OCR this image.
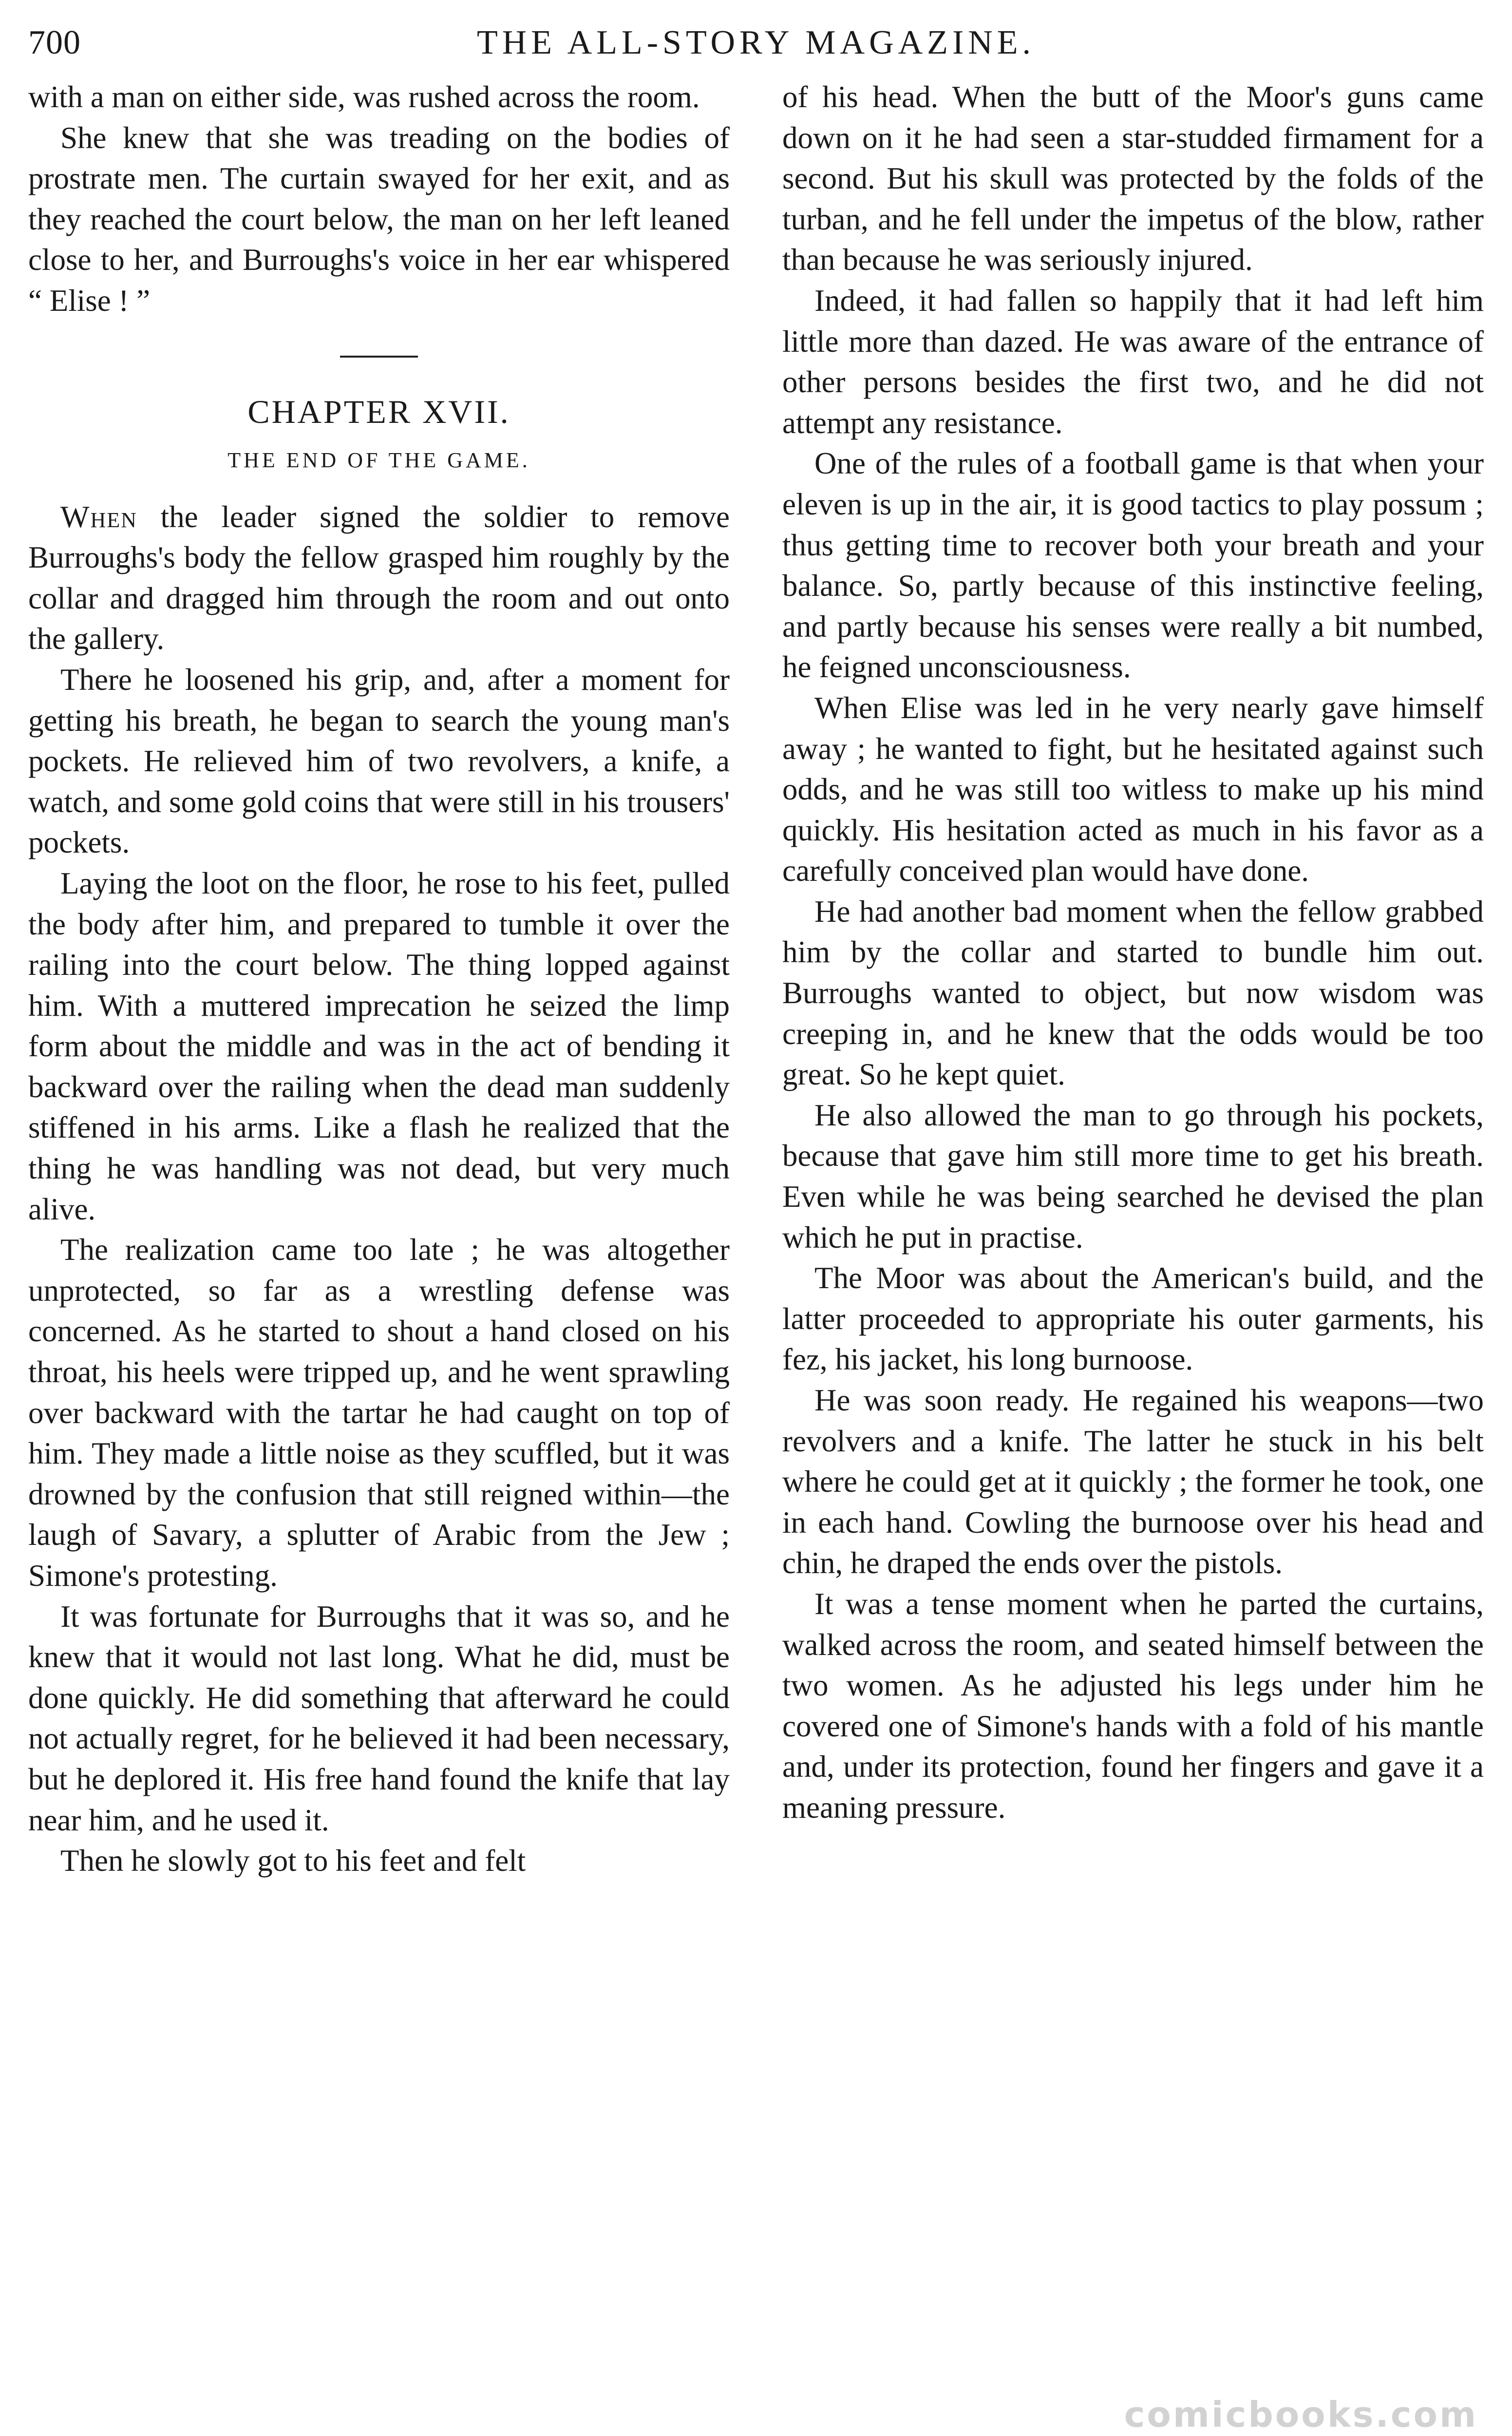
700	THE ALL-STORY MAGAZINE.

with a man on either side, was rushed across the room.

She knew that she was treading on the bodies of prostrate men. The curtain swayed for her exit, and as they reached the court below, the man on her left leaned close to her, and Burroughs's voice in her ear whispered “ Elise ! ”

CHAPTER XVII.
THE END OF THE GAME.

When the leader signed the soldier to remove Burroughs's body the fellow grasped him roughly by the collar and dragged him through the room and out onto the gallery.

There he loosened his grip, and, after a moment for getting his breath, he began to search the young man's pockets. He relieved him of two revolvers, a knife, a watch, and some gold coins that were still in his trousers' pockets.

Laying the loot on the floor, he rose to his feet, pulled the body after him, and prepared to tumble it over the railing into the court below. The thing lopped against him. With a muttered imprecation he seized the limp form about the middle and was in the act of bending it backward over the railing when the dead man suddenly stiffened in his arms. Like a flash he realized that the thing he was handling was not dead, but very much alive.

The realization came too late ; he was altogether unprotected, so far as a wrestling defense was concerned. As he started to shout a hand closed on his throat, his heels were tripped up, and he went sprawling over backward with the tartar he had caught on top of him. They made a little noise as they scuffled, but it was drowned by the confusion that still reigned within—the laugh of Savary, a splutter of Arabic from the Jew ; Simone's protesting.

It was fortunate for Burroughs that it was so, and he knew that it would not last long. What he did, must be done quickly. He did something that afterward he could not actually regret, for he believed it had been necessary, but he deplored it. His free hand found the knife that lay near him, and he used it.

Then he slowly got to his feet and felt

of his head. When the butt of the Moor's guns came down on it he had seen a star-studded firmament for a second. But his skull was protected by the folds of the turban, and he fell under the impetus of the blow, rather than because he was seriously injured.

Indeed, it had fallen so happily that it had left him little more than dazed. He was aware of the entrance of other persons besides the first two, and he did not attempt any resistance.

One of the rules of a football game is that when your eleven is up in the air, it is good tactics to play possum ; thus getting time to recover both your breath and your balance. So, partly because of this instinctive feeling, and partly because his senses were really a bit numbed, he feigned unconsciousness.

When Elise was led in he very nearly gave himself away ; he wanted to fight, but he hesitated against such odds, and he was still too witless to make up his mind quickly. His hesitation acted as much in his favor as a carefully conceived plan would have done.

He had another bad moment when the fellow grabbed him by the collar and started to bundle him out. Burroughs wanted to object, but now wisdom was creeping in, and he knew that the odds would be too great. So he kept quiet.

He also allowed the man to go through his pockets, because that gave him still more time to get his breath. Even while he was being searched he devised the plan which he put in practise.

The Moor was about the American's build, and the latter proceeded to appropriate his outer garments, his fez, his jacket, his long burnoose.

He was soon ready. He regained his weapons—two revolvers and a knife. The latter he stuck in his belt where he could get at it quickly ; the former he took, one in each hand. Cowling the burnoose over his head and chin, he draped the ends over the pistols.

It was a tense moment when he parted the curtains, walked across the room, and seated himself between the two women. As he adjusted his legs under him he covered one of Simone's hands with a fold of his mantle and, under its protection, found her fingers and gave it a meaning pressure.

comicbooks.com
